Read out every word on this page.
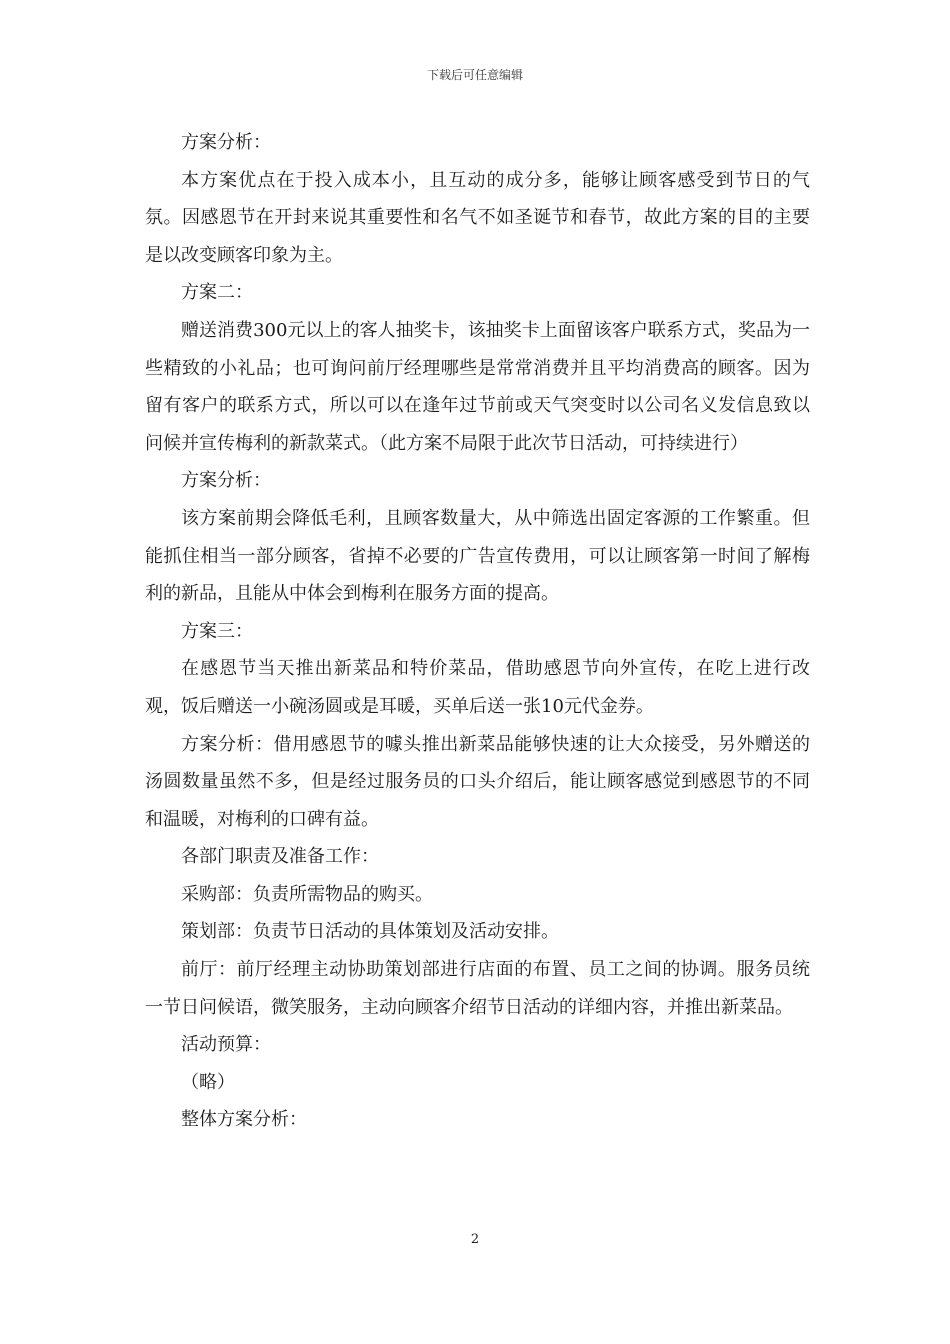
下载后可任意编辑

方案分析：

本方案优点在于投入成本小，且互动的成分多，能够让顾客感受到节日的气氛。因感恩节在开封来说其重要性和名气不如圣诞节和春节，故此方案的目的主要是以改变顾客印象为主。

方案二：

赠送消费300元以上的客人抽奖卡，该抽奖卡上面留该客户联系方式，奖品为一些精致的小礼品；也可询问前厅经理哪些是常常消费并且平均消费高的顾客。因为留有客户的联系方式，所以可以在逢年过节前或天气突变时以公司名义发信息致以问候并宣传梅利的新款菜式。（此方案不局限于此次节日活动，可持续进行）

方案分析：

该方案前期会降低毛利，且顾客数量大，从中筛选出固定客源的工作繁重。但能抓住相当一部分顾客，省掉不必要的广告宣传费用，可以让顾客第一时间了解梅利的新品，且能从中体会到梅利在服务方面的提高。

方案三：

在感恩节当天推出新菜品和特价菜品，借助感恩节向外宣传，在吃上进行改观，饭后赠送一小碗汤圆或是耳暖，买单后送一张10元代金券。

方案分析：借用感恩节的噱头推出新菜品能够快速的让大众接受，另外赠送的汤圆数量虽然不多，但是经过服务员的口头介绍后，能让顾客感觉到感恩节的不同和温暖，对梅利的口碑有益。

各部门职责及准备工作：

采购部：负责所需物品的购买。

策划部：负责节日活动的具体策划及活动安排。

前厅：前厅经理主动协助策划部进行店面的布置、员工之间的协调。服务员统一节日问候语，微笑服务，主动向顾客介绍节日活动的详细内容，并推出新菜品。

活动预算：

（略）

整体方案分析：

2
